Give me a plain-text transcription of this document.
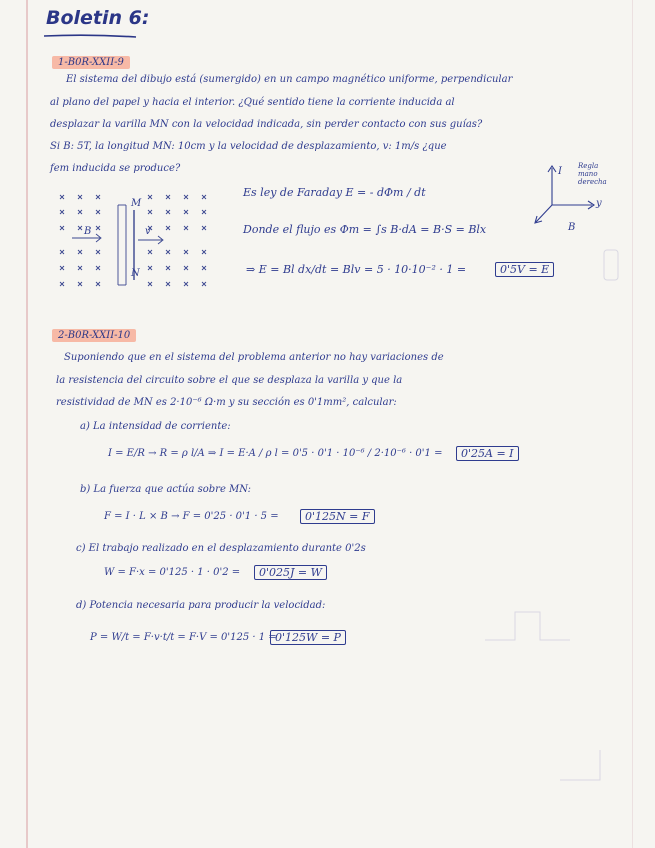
Boletin 6:
1-B0R-XXII-9
El sistema del dibujo está (sumergido) en un campo magnético uniforme, perpendicular
al plano del papel y hacia el interior. ¿Qué sentido tiene la corriente inducida al
desplazar la varilla MN con la velocidad indicada, sin perder contacto con sus guías?
Si B: 5T, la longitud MN: 10cm y la velocidad de desplazamiento, v: 1m/s ¿que
fem inducida se produce?
B	v
M
N
Es ley de Faraday E = - dΦm / dt
Donde el flujo es Φm = ∫s B·dA = B·S = Blx
⇒ E = Bl dx/dt = Blv = 5 · 10·10⁻² · 1 =	0'5V = E
I
y
B
Regla
mano
derecha
2-B0R-XXII-10
Suponiendo que en el sistema del problema anterior no hay variaciones de
la resistencia del circuito sobre el que se desplaza la varilla y que la
resistividad de MN es 2·10⁻⁶ Ω·m y su sección es 0'1mm², calcular:
a) La intensidad de corriente:
I = E/R → R = ρ l/A ⇒ I = E·A / ρ l = 0'5 · 0'1 · 10⁻⁶ / 2·10⁻⁶ · 0'1 =	0'25A = I
b) La fuerza que actúa sobre MN:
F = I · L × B → F = 0'25 · 0'1 · 5 =	0'125N = F
c) El trabajo realizado en el desplazamiento durante 0'2s
W = F·x = 0'125 · 1 · 0'2 =	0'025J = W
d) Potencia necesaria para producir la velocidad:
P = W/t = F·v·t/t = F·V = 0'125 · 1 =
0'125W = P
